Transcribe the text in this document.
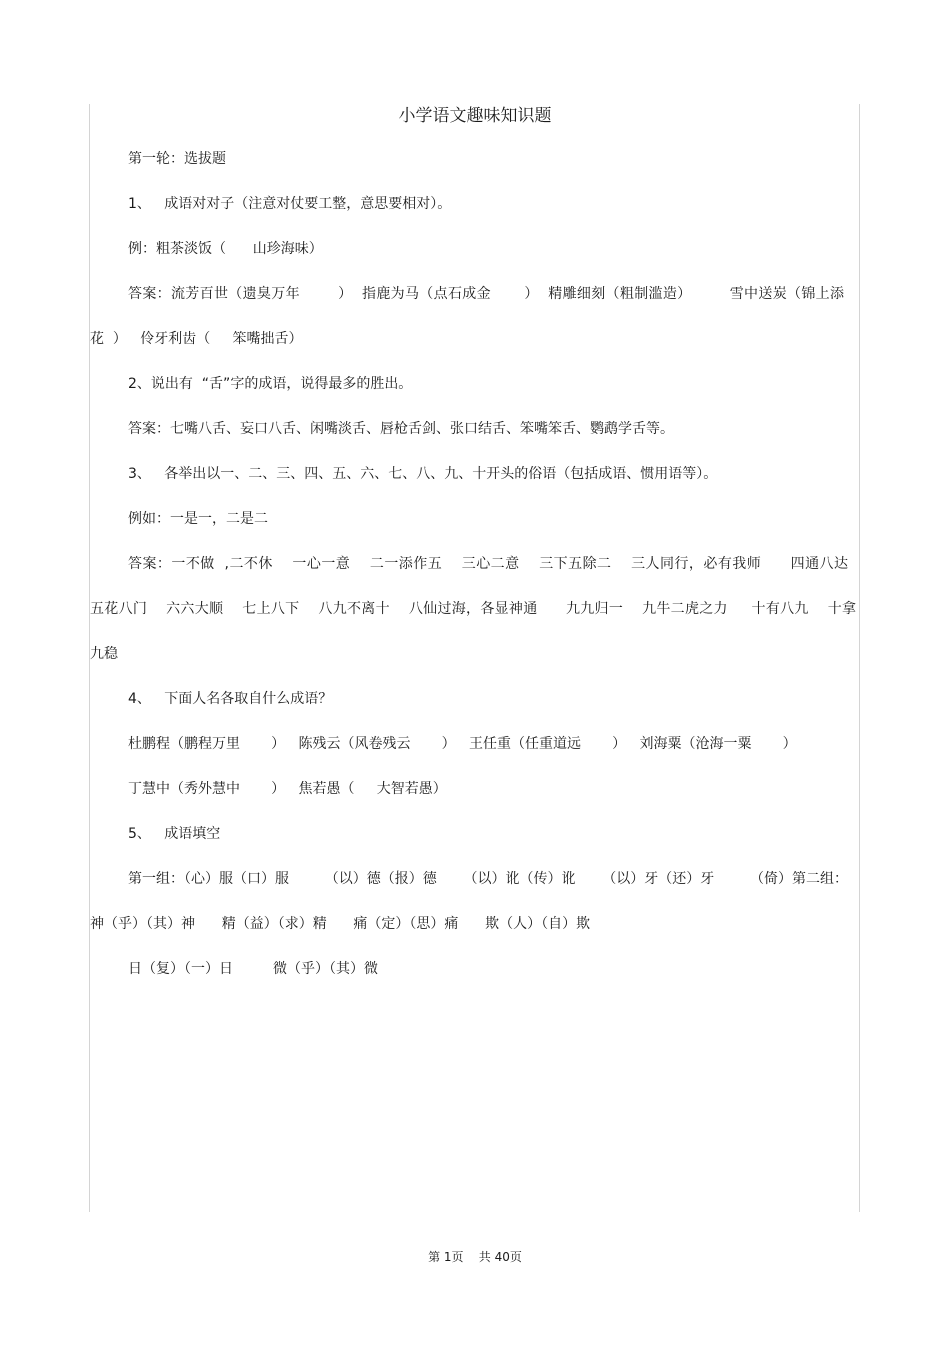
小学语文趣味知识题
第一轮：选拔题
1、   成语对对子（注意对仗要工整，意思要相对）。
例：粗茶淡饭（      山珍海味）
答案：流芳百世（遗臭万年        ）  指鹿为马（点石成金       ）  精雕细刻（粗制滥造）        雪中送炭（锦上添
花  ）   伶牙利齿（     笨嘴拙舌）
2、说出有  “舌”字的成语，说得最多的胜出。
答案：七嘴八舌、妄口八舌、闲嘴淡舌、唇枪舌剑、张口结舌、笨嘴笨舌、鹦鹉学舌等。
3、   各举出以一、二、三、四、五、六、七、八、九、十开头的俗语（包括成语、惯用语等）。
例如：一是一，二是二
答案：一不做  ,二不休    一心一意    二一添作五    三心二意    三下五除二    三人同行，必有我师      四通八达
五花八门    六六大顺    七上八下    八九不离十    八仙过海，各显神通      九九归一    九牛二虎之力     十有八九    十拿
九稳
4、   下面人名各取自什么成语？
杜鹏程（鹏程万里       ）   陈残云（风卷残云       ）   王任重（任重道远       ）   刘海粟（沧海一粟       ）
丁慧中（秀外慧中       ）   焦若愚（     大智若愚）
5、   成语填空
第一组：（心）服（口）服        （以）德（报）德      （以）讹（传）讹      （以）牙（还）牙        （倚）第二组：
神（乎）（其）神      精（益）（求）精      痛（定）（思）痛      欺（人）（自）欺
日（复）（一）日         微（乎）（其）微
第 1页    共 40页
